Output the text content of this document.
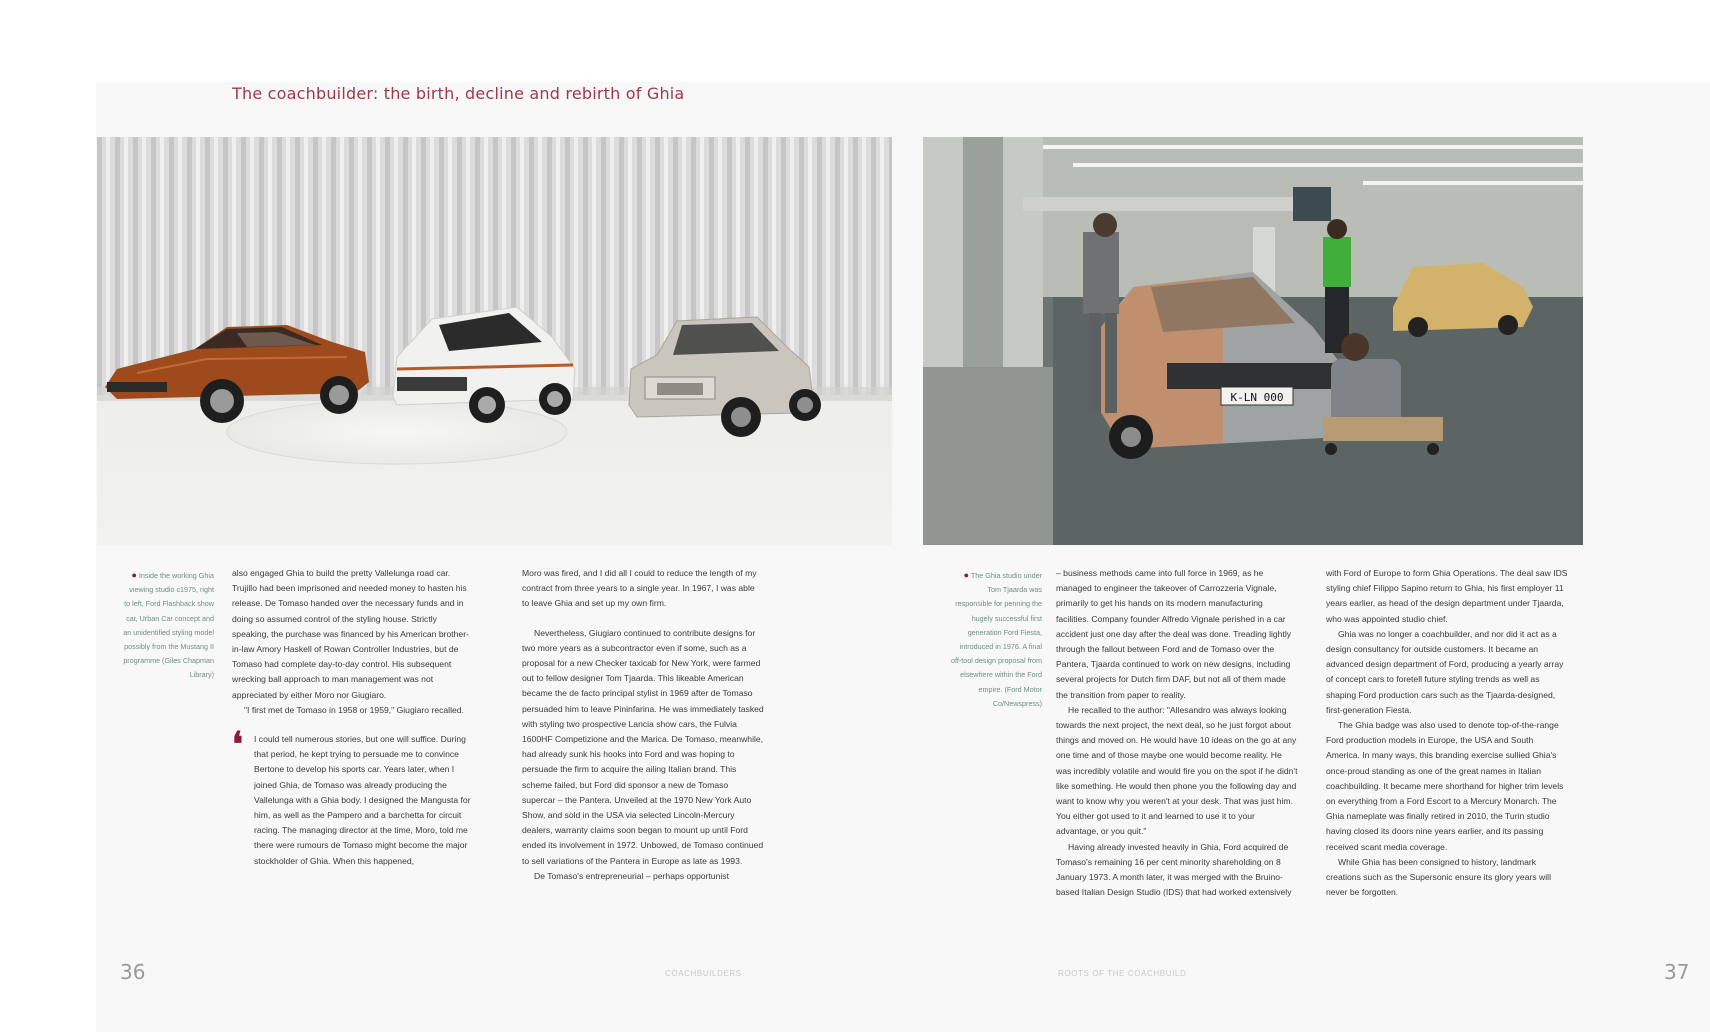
The coachbuilder: the birth, decline and rebirth of Ghia
K-LN 000
● Inside the working Ghia viewing studio c1975, right to left, Ford Flashback show car, Urban Car concept and an unidentified styling model possibly from the Mustang II programme (Giles Chapman Library)

also engaged Ghia to build the pretty Vallelunga road car. Trujillo had been imprisoned and needed money to hasten his release. De Tomaso handed over the necessary funds and in doing so assumed control of the styling house. Strictly speaking, the purchase was financed by his American brother-in-law Amory Haskell of Rowan Controller Industries, but de Tomaso had complete day-to-day control. His subsequent wrecking ball approach to man management was not appreciated by either Moro nor Giugiaro.

"I first met de Tomaso in 1958 or 1959," Giugiaro recalled.

❛ I could tell numerous stories, but one will suffice. During that period, he kept trying to persuade me to convince Bertone to develop his sports car. Years later, when I joined Ghia, de Tomaso was already producing the Vallelunga with a Ghia body. I designed the Mangusta for him, as well as the Pampero and a barchetta for circuit racing. The managing director at the time, Moro, told me there were rumours de Tomaso might become the major stockholder of Ghia. When this happened,

Moro was fired, and I did all I could to reduce the length of my contract from three years to a single year. In 1967, I was able to leave Ghia and set up my own firm.

Nevertheless, Giugiaro continued to contribute designs for two more years as a subcontractor even if some, such as a proposal for a new Checker taxicab for New York, were farmed out to fellow designer Tom Tjaarda. This likeable American became the de facto principal stylist in 1969 after de Tomaso persuaded him to leave Pininfarina. He was immediately tasked with styling two prospective Lancia show cars, the Fulvia 1600HF Competizione and the Marica. De Tomaso, meanwhile, had already sunk his hooks into Ford and was hoping to persuade the firm to acquire the ailing Italian brand. This scheme failed, but Ford did sponsor a new de Tomaso supercar – the Pantera. Unveiled at the 1970 New York Auto Show, and sold in the USA via selected Lincoln-Mercury dealers, warranty claims soon began to mount up until Ford ended its involvement in 1972. Unbowed, de Tomaso continued to sell variations of the Pantera in Europe as late as 1993.

De Tomaso's entrepreneurial – perhaps opportunist

36	COACHBUILDERS
● The Ghia studio under Tom Tjaarda was responsible for penning the hugely successful first generation Ford Fiesta, introduced in 1976. A final off-tool design proposal from elsewhere within the Ford empire. (Ford Motor Co/Newspress)

– business methods came into full force in 1969, as he managed to engineer the takeover of Carrozzeria Vignale, primarily to get his hands on its modern manufacturing facilities. Company founder Alfredo Vignale perished in a car accident just one day after the deal was done. Treading lightly through the fallout between Ford and de Tomaso over the Pantera, Tjaarda continued to work on new designs, including several projects for Dutch firm DAF, but not all of them made the transition from paper to reality.

He recalled to the author: "Allesandro was always looking towards the next project, the next deal, so he just forgot about things and moved on. He would have 10 ideas on the go at any one time and of those maybe one would become reality. He was incredibly volatile and would fire you on the spot if he didn't like something. He would then phone you the following day and want to know why you weren't at your desk. That was just him. You either got used to it and learned to use it to your advantage, or you quit."

Having already invested heavily in Ghia, Ford acquired de Tomaso's remaining 16 per cent minority shareholding on 8 January 1973. A month later, it was merged with the Bruino-based Italian Design Studio (IDS) that had worked extensively

with Ford of Europe to form Ghia Operations. The deal saw IDS styling chief Filippo Sapino return to Ghia, his first employer 11 years earlier, as head of the design department under Tjaarda, who was appointed studio chief.

Ghia was no longer a coachbuilder, and nor did it act as a design consultancy for outside customers. It became an advanced design department of Ford, producing a yearly array of concept cars to foretell future styling trends as well as shaping Ford production cars such as the Tjaarda-designed, first-generation Fiesta.

The Ghia badge was also used to denote top-of-the-range Ford production models in Europe, the USA and South America. In many ways, this branding exercise sullied Ghia's once-proud standing as one of the great names in Italian coachbuilding. It became mere shorthand for higher trim levels on everything from a Ford Escort to a Mercury Monarch. The Ghia nameplate was finally retired in 2010, the Turin studio having closed its doors nine years earlier, and its passing received scant media coverage.

While Ghia has been consigned to history, landmark creations such as the Supersonic ensure its glory years will never be forgotten.

ROOTS OF THE COACHBUILD	37
